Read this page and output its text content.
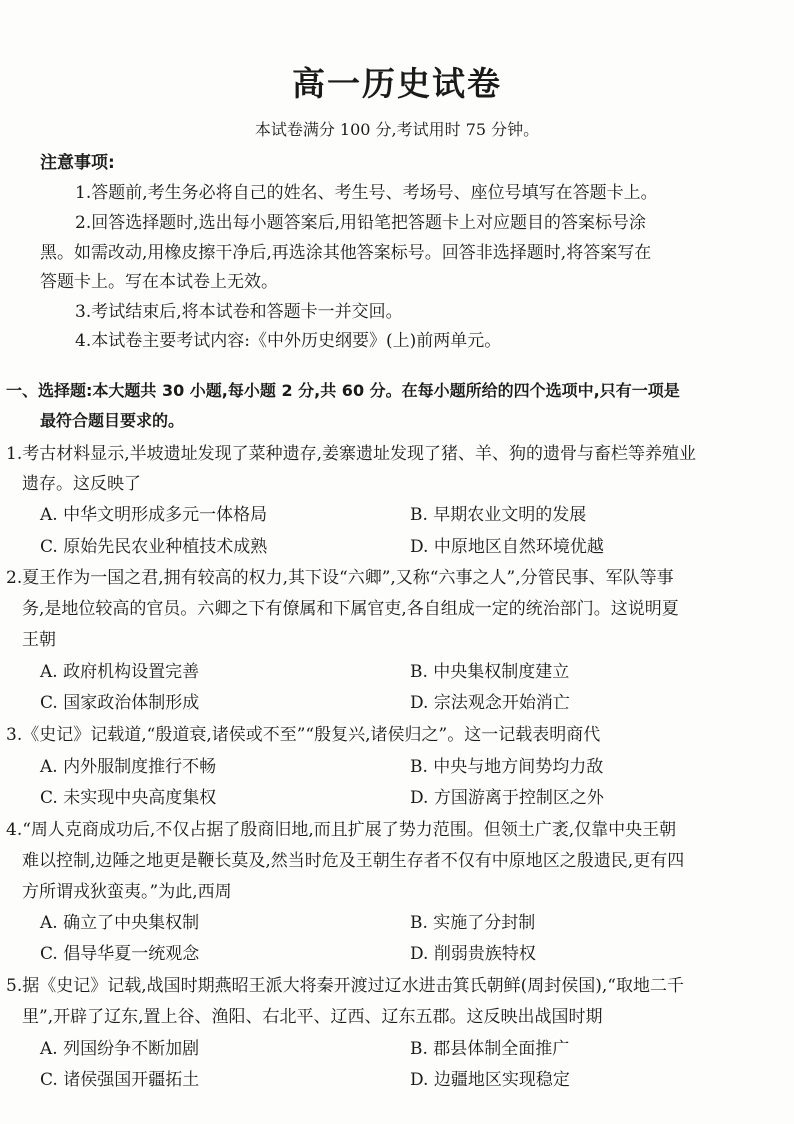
高一历史试卷
本试卷满分 100 分,考试用时 75 分钟。
注意事项:
1.答题前,考生务必将自己的姓名、考生号、考场号、座位号填写在答题卡上。
2.回答选择题时,选出每小题答案后,用铅笔把答题卡上对应题目的答案标号涂
黑。如需改动,用橡皮擦干净后,再选涂其他答案标号。回答非选择题时,将答案写在
答题卡上。写在本试卷上无效。
3.考试结束后,将本试卷和答题卡一并交回。
4.本试卷主要考试内容:《中外历史纲要》(上)前两单元。
一、选择题:本大题共 30 小题,每小题 2 分,共 60 分。在每小题所给的四个选项中,只有一项是
最符合题目要求的。
1.考古材料显示,半坡遗址发现了菜种遗存,姜寨遗址发现了猪、羊、狗的遗骨与畜栏等养殖业
遗存。这反映了
A. 中华文明形成多元一体格局	B. 早期农业文明的发展
C. 原始先民农业种植技术成熟	D. 中原地区自然环境优越
2.夏王作为一国之君,拥有较高的权力,其下设“六卿”,又称“六事之人”,分管民事、军队等事
务,是地位较高的官员。六卿之下有僚属和下属官吏,各自组成一定的统治部门。这说明夏
王朝
A. 政府机构设置完善	B. 中央集权制度建立
C. 国家政治体制形成	D. 宗法观念开始消亡
3.《史记》记载道,“殷道衰,诸侯或不至”“殷复兴,诸侯归之”。这一记载表明商代
A. 内外服制度推行不畅	B. 中央与地方间势均力敌
C. 未实现中央高度集权	D. 方国游离于控制区之外
4.“周人克商成功后,不仅占据了殷商旧地,而且扩展了势力范围。但领土广袤,仅靠中央王朝
难以控制,边陲之地更是鞭长莫及,然当时危及王朝生存者不仅有中原地区之殷遗民,更有四
方所谓戎狄蛮夷。”为此,西周
A. 确立了中央集权制	B. 实施了分封制
C. 倡导华夏一统观念	D. 削弱贵族特权
5.据《史记》记载,战国时期燕昭王派大将秦开渡过辽水进击箕氏朝鲜(周封侯国),“取地二千
里”,开辟了辽东,置上谷、渔阳、右北平、辽西、辽东五郡。这反映出战国时期
A. 列国纷争不断加剧	B. 郡县体制全面推广
C. 诸侯强国开疆拓土	D. 边疆地区实现稳定
